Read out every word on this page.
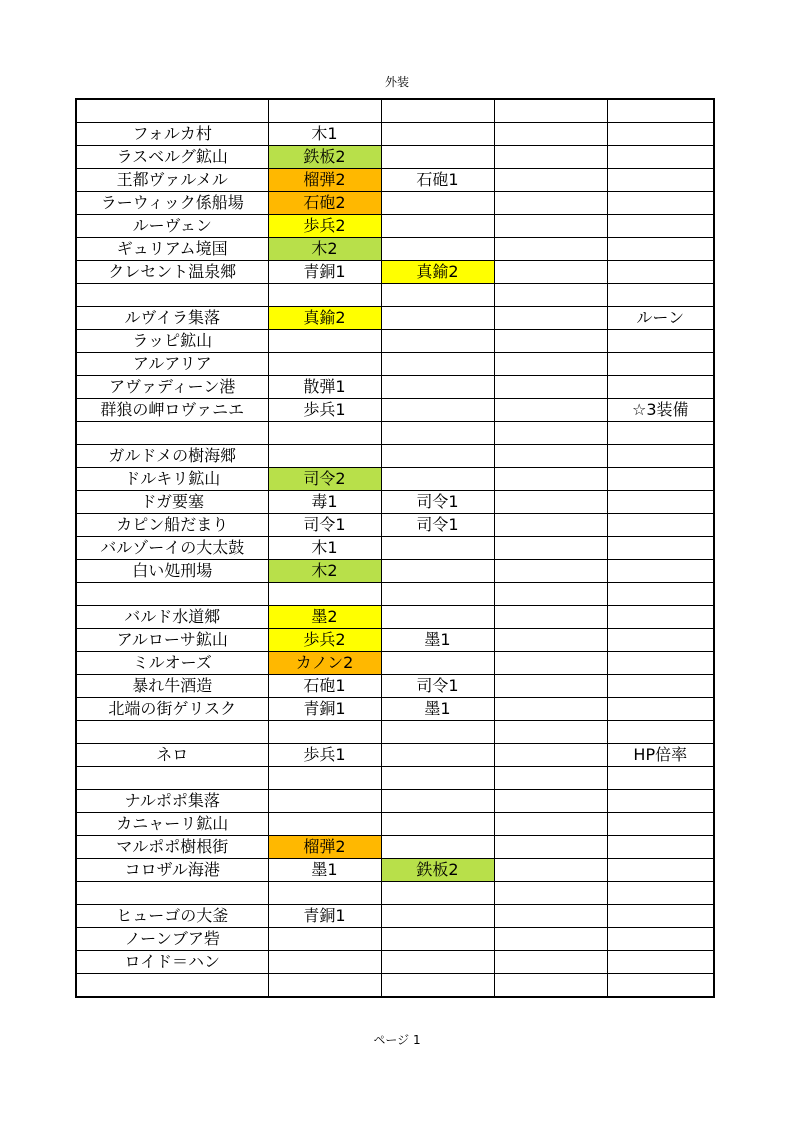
外装

フォルカ村	木1			
ラスベルグ鉱山	鉄板2			
王都ヴァルメル	榴弾2	石砲1		
ラーウィック係船場	石砲2			
ルーヴェン	歩兵2			
ギュリアム境国	木2			
クレセント温泉郷	青銅1	真鍮2		

ルヴイラ集落	真鍮2			ルーン
ラッピ鉱山				
アルアリア				
アヴァディーン港	散弾1			
群狼の岬ロヴァニエ	歩兵1			☆3装備

ガルドメの樹海郷				
ドルキリ鉱山	司令2			
ドガ要塞	毒1	司令1		
カピン船だまり	司令1	司令1		
バルゾーイの大太鼓	木1			
白い処刑場	木2			

バルド水道郷	墨2			
アルローサ鉱山	歩兵2	墨1		
ミルオーズ	カノン2			
暴れ牛酒造	石砲1	司令1		
北端の街ゲリスク	青銅1	墨1		

ネロ	歩兵1			HP倍率

ナルポポ集落				
カニャーリ鉱山				
マルポポ樹根街	榴弾2			
コロザル海港	墨1	鉄板2		

ヒューゴの大釜	青銅1			
ノーンブア砦				
ロイド＝ハン				

ページ 1
